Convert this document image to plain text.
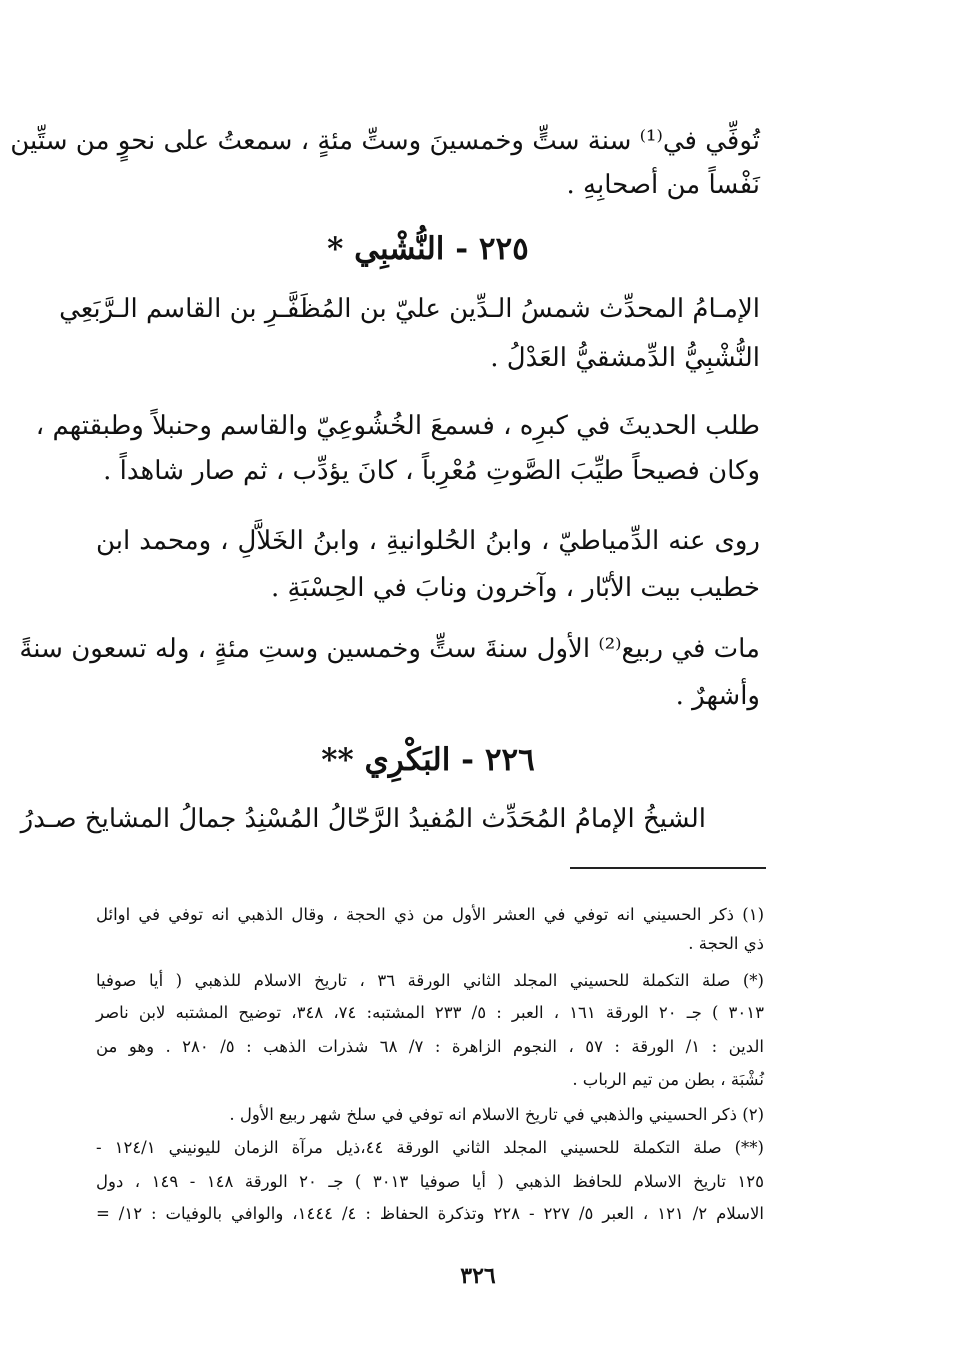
تُوفِّي في⁽¹⁾ سنة ستٍّ وخمسينَ وستِّ مئةٍ ، سمعتُ على نحوٍ من ستِّين
نَفْساً من أصحابِهِ .
٢٢٥ - النُّشْبِي *
الإمـامُ المحدِّث شمسُ الـدِّين عليّ بن المُظَفَّـرِ بن القاسم الـرَّبَعِي
النُّشْبِيُّ الدِّمشقيُّ العَدْلُ .
طلب الحديثَ في كبرِه ، فسمعَ الخُشُوعِيّ والقاسم وحنبلاً وطبقتهم ،
وكان فصيحاً طيِّبَ الصَّوتِ مُعْرِباً ، كانَ يؤدِّب ، ثم صار شاهداً .
روى عنه الدِّمياطيّ ، وابنُ الحُلوانيةِ ، وابنُ الخَلاَّلِ ، ومحمد ابن
خطيب بيت الأبّار ، وآخرون ونابَ في الحِسْبَةِ .
مات في ربيع⁽²⁾ الأول سنةَ ستٍّ وخمسين وستِ مئةٍ ، وله تسعون سنةً
وأشهرٌ .
٢٢٦ - البَكْرِي **
الشيخُ الإمامُ المُحَدِّث المُفيدُ الرَّحّالُ المُسْنِدُ جمالُ المشايخ صـدرُ
(١) ذكر الحسيني انه توفي في العشر الأول من ذي الحجة ، وقال الذهبي انه توفي في اوائل
ذي الحجة .
(*) صلة التكملة للحسيني المجلد الثاني الورقة ٣٦ ، تاريخ الاسلام للذهبي ( أيا صوفيا
٣٠١٣ ) جـ ٢٠ الورقة ١٦١ ، العبر : ٥/ ٢٣٣ المشتبه: ٧٤، ٣٤٨، توضيح المشتبه لابن ناصر
الدين : ١/ الورقة : ٥٧ ، النجوم الزاهرة : ٧/ ٦٨ شذرات الذهب : ٥/ ٢٨٠ . وهو من
نُشْبَة ، بطن من تيم الرباب .
(٢) ذكر الحسيني والذهبي في تاريخ الاسلام انه توفي في سلخ شهر ربيع الأول .
(**) صلة التكملة للحسيني المجلد الثاني الورقة ٤٤،ذيل مرآة الزمان لليونيني ١٢٤/١ -
١٢٥ تاريخ الاسلام للحافظ الذهبي ( أيا صوفيا ٣٠١٣ ) جـ ٢٠ الورقة ١٤٨ - ١٤٩ ، دول
الاسلام ٢/ ١٢١ ، العبر ٥/ ٢٢٧ - ٢٢٨ وتذكرة الحفاظ : ٤/ ١٤٤٤، والوافي بالوفيات : ١٢/ =
٣٢٦
